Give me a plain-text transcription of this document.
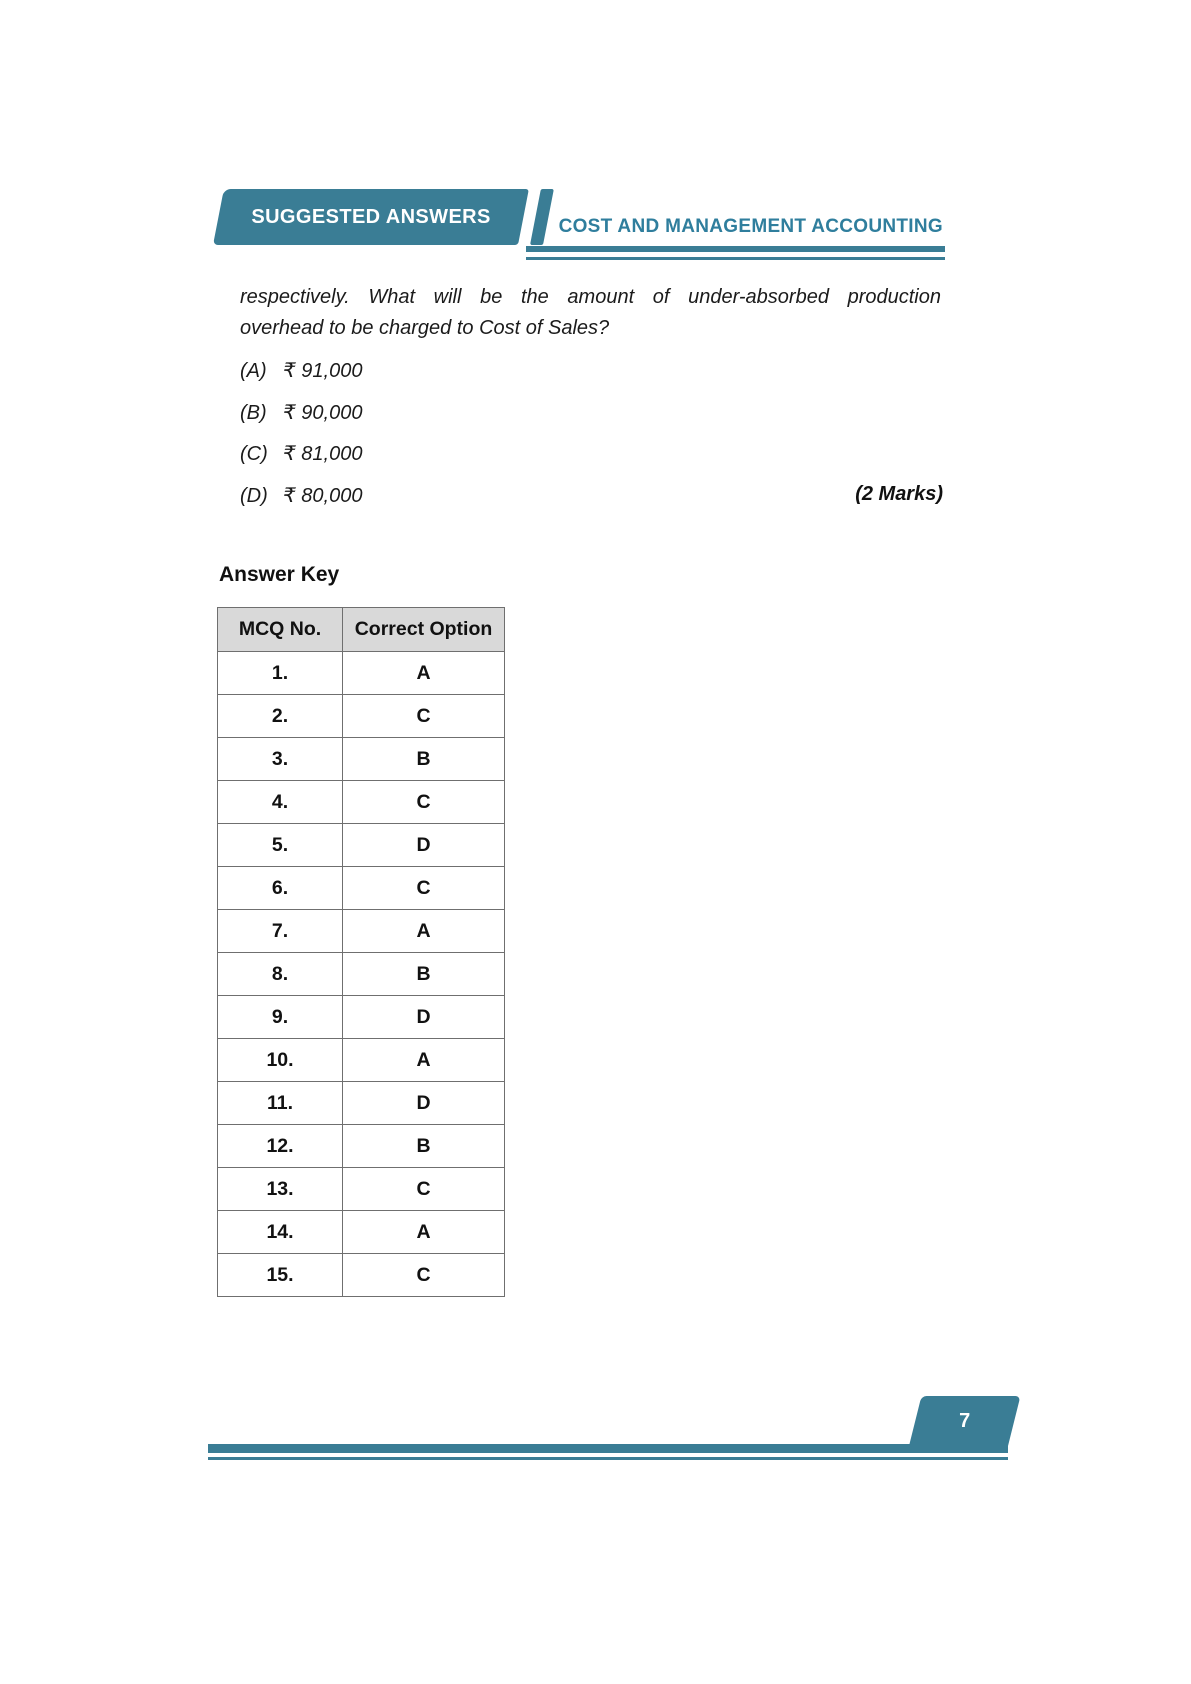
SUGGESTED ANSWERS	COST AND MANAGEMENT ACCOUNTING
respectively. What will be the amount of under-absorbed production
overhead to be charged to Cost of Sales?
(A) ₹ 91,000
(B) ₹ 90,000
(C) ₹ 81,000
(D) ₹ 80,000	(2 Marks)
Answer Key
MCQ No.	Correct Option
1.	A
2.	C
3.	B
4.	C
5.	D
6.	C
7.	A
8.	B
9.	D
10.	A
11.	D
12.	B
13.	C
14.	A
15.	C
7
